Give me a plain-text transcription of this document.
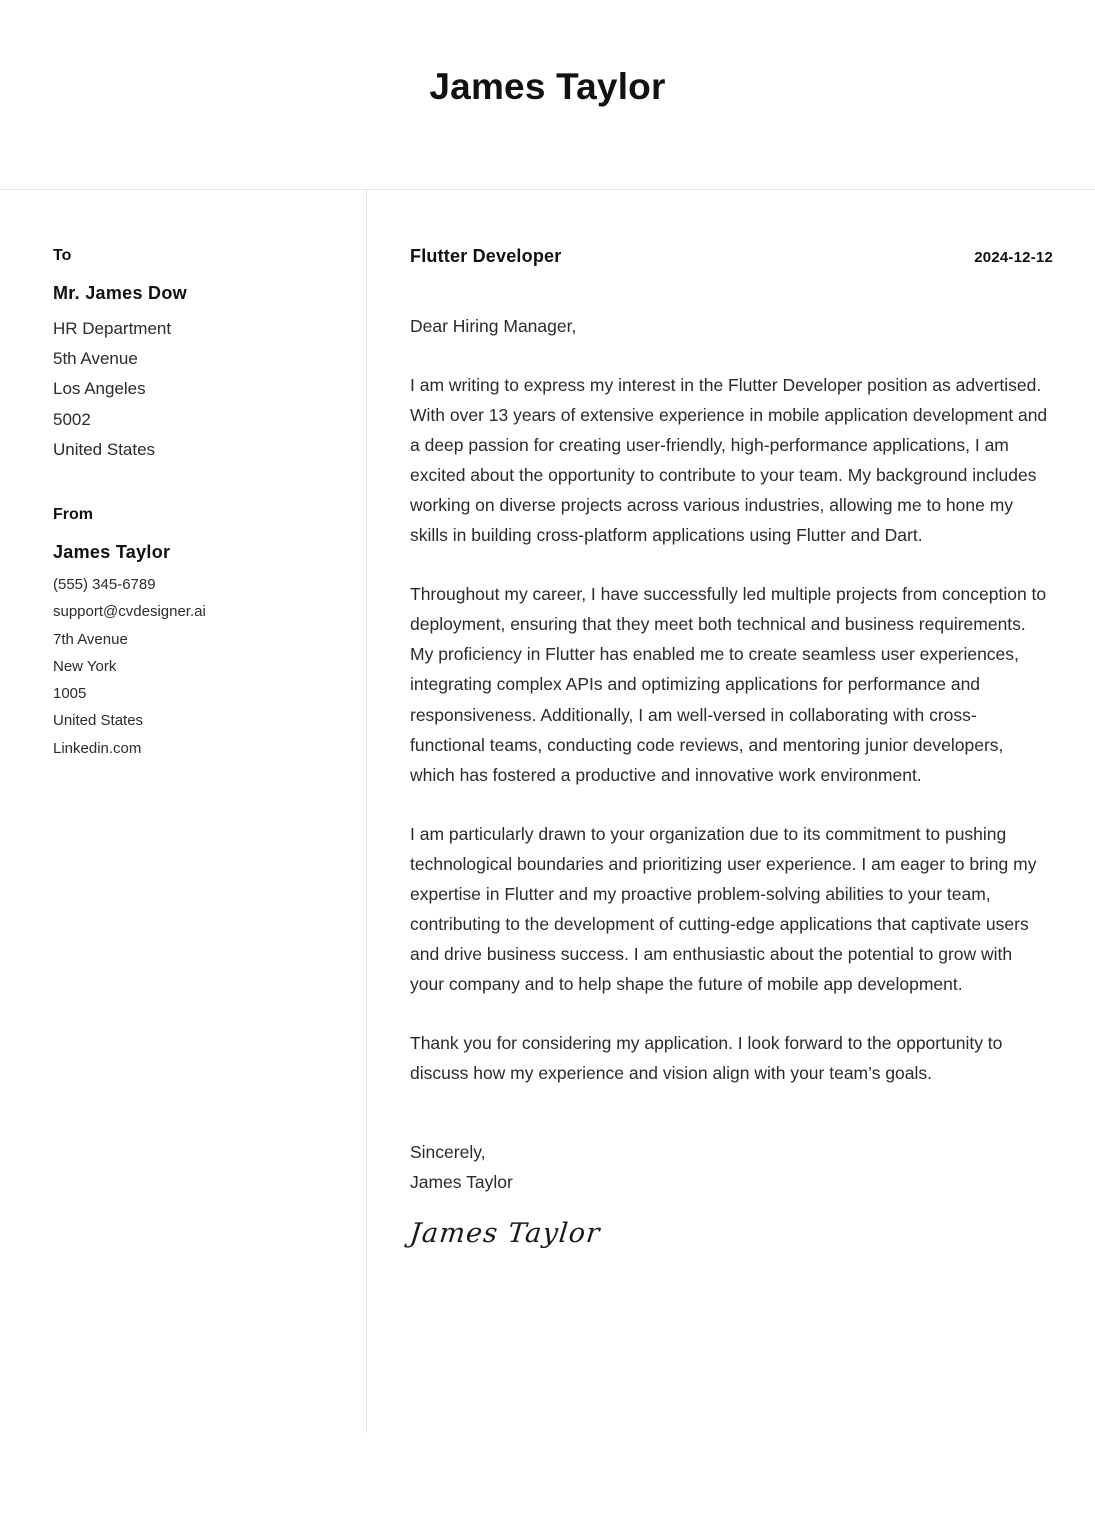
James Taylor
To
Mr. James Dow
HR Department
5th Avenue
Los Angeles
5002
United States
From
James Taylor
(555) 345-6789
support@cvdesigner.ai
7th Avenue
New York
1005
United States
Linkedin.com
Flutter Developer	2024-12-12

Dear Hiring Manager,

I am writing to express my interest in the Flutter Developer position as advertised. With over 13 years of extensive experience in mobile application development and a deep passion for creating user-friendly, high-performance applications, I am excited about the opportunity to contribute to your team. My background includes working on diverse projects across various industries, allowing me to hone my skills in building cross-platform applications using Flutter and Dart.

Throughout my career, I have successfully led multiple projects from conception to deployment, ensuring that they meet both technical and business requirements. My proficiency in Flutter has enabled me to create seamless user experiences, integrating complex APIs and optimizing applications for performance and responsiveness. Additionally, I am well-versed in collaborating with cross-functional teams, conducting code reviews, and mentoring junior developers, which has fostered a productive and innovative work environment.

I am particularly drawn to your organization due to its commitment to pushing technological boundaries and prioritizing user experience. I am eager to bring my expertise in Flutter and my proactive problem-solving abilities to your team, contributing to the development of cutting-edge applications that captivate users and drive business success. I am enthusiastic about the potential to grow with your company and to help shape the future of mobile app development.

Thank you for considering my application. I look forward to the opportunity to discuss how my experience and vision align with your team’s goals.

Sincerely,

James Taylor

James Taylor
